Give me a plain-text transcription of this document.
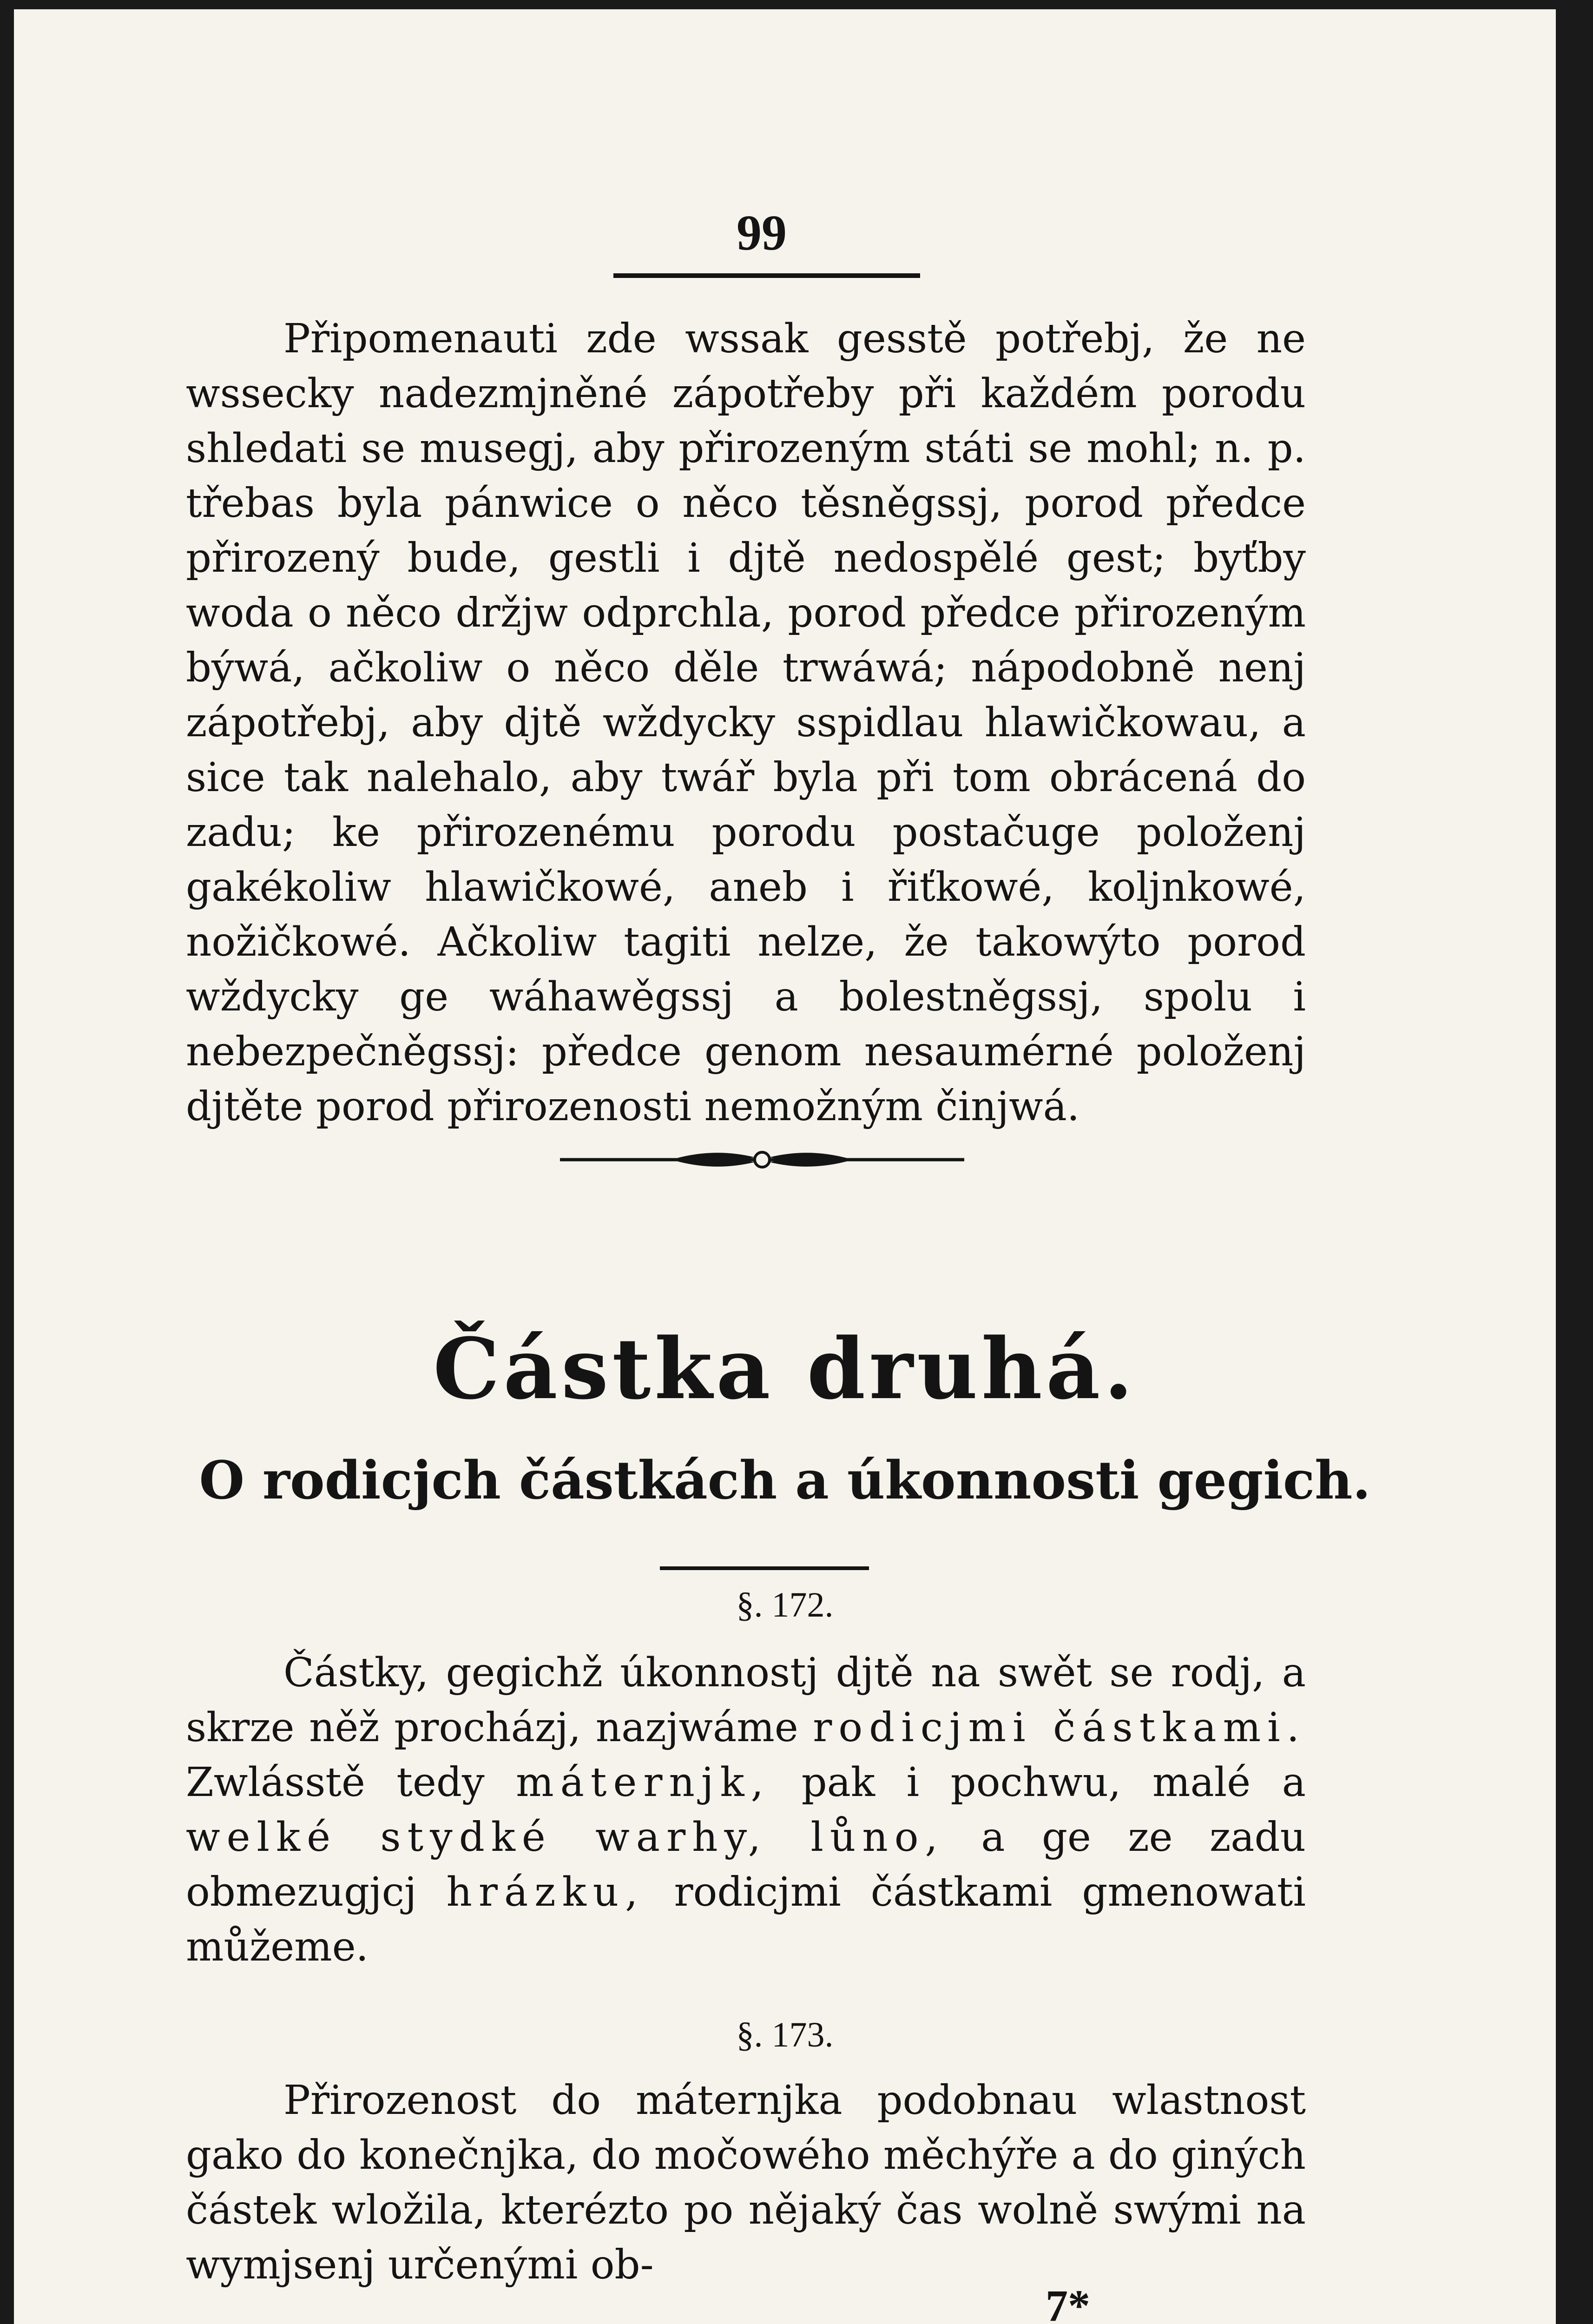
99

Připomenauti zde wssak gesstě potřebj, že ne wssecky nadezmjněné zápotřeby při každém porodu shledati se musegj, aby přirozeným státi se mohl; n. p. třebas byla pánwice o něco těsněgssj, porod předce přirozený bude, gestli i djtě nedospělé gest; byťby woda o něco držjw odprchla, porod předce přirozeným býwá, ačkoliw o něco děle trwáwá; nápodobně nenj zápotřebj, aby djtě wždycky sspidlau hlawičkowau, a sice tak nalehalo, aby twář byla při tom obrácená do zadu; ke přirozenému porodu postačuge položenj gakékoliw hlawičkowé, aneb i řiťkowé, koljnkowé, nožičkowé. Ačkoliw tagiti nelze, že takowýto porod wždycky ge wáhawěgssj a bolestněgssj, spolu i nebezpečněgssj: předce genom nesaumérné položenj djtěte porod přirozenosti nemožným činjwá.

Částka druhá.
O rodicjch částkách a úkonnosti gegich.
§. 172.

Částky, gegichž úkonnostj djtě na swět se rodj, a skrze něž procházj, nazjwáme rodicjmi částkami. Zwlásstě tedy máternjk, pak i pochwu, malé a welké stydké warhy, lůno, a ge ze zadu obmezugjcj hrázku, rodicjmi částkami gmenowati můžeme.

§. 173.

Přirozenost do máternjka podobnau wlastnost gako do konečnjka, do močowého měchýře a do giných částek wložila, kterézto po nějaký čas wolně swými na wymjsenj určenými ob-

7*
